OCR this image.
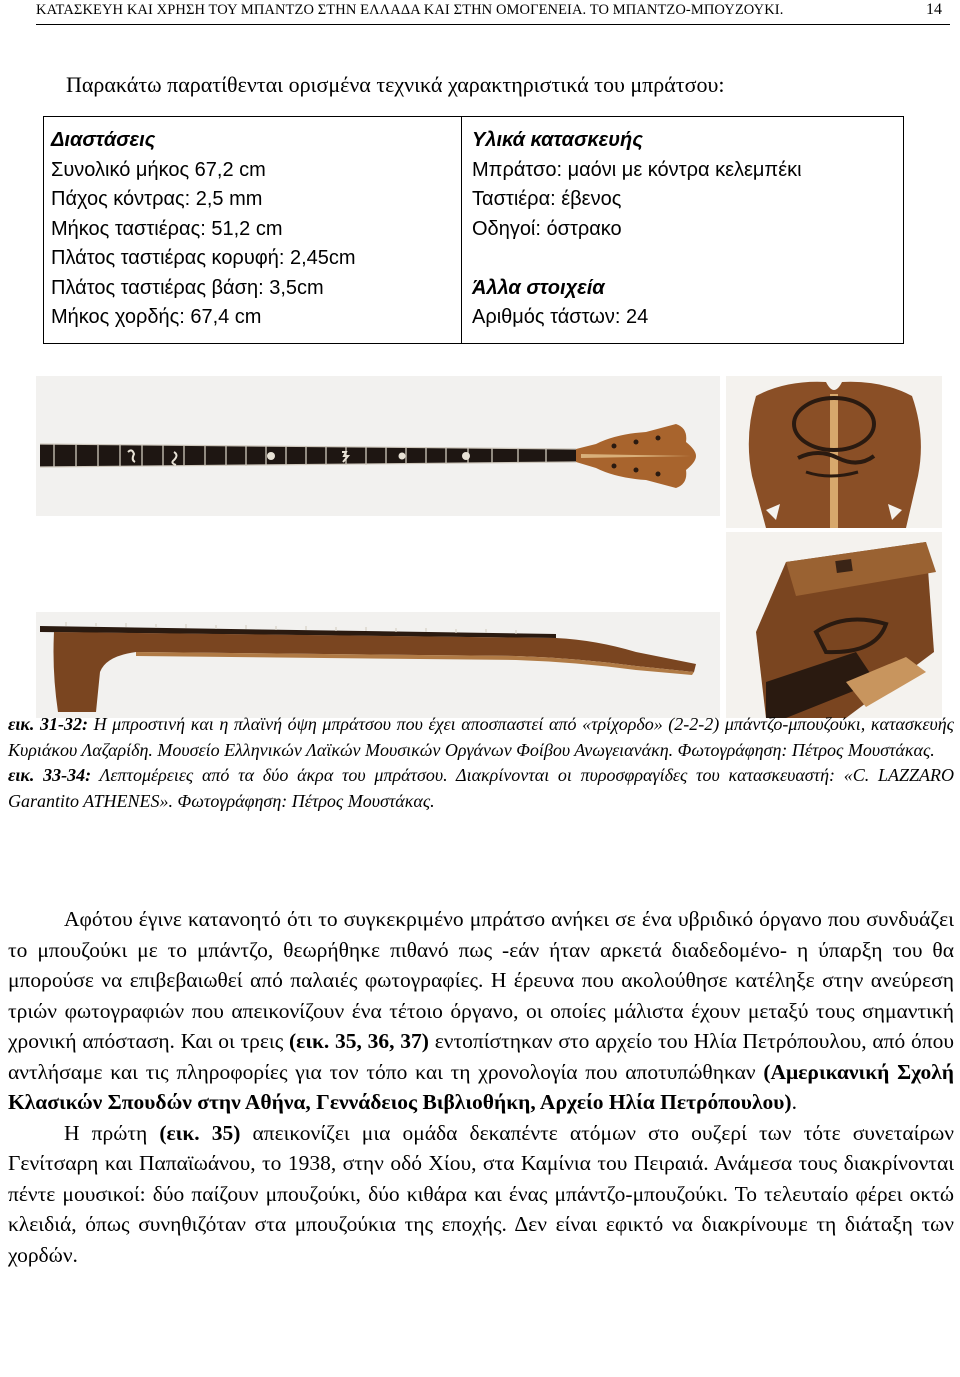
ΚΑΤΑΣΚΕΥΗ ΚΑΙ ΧΡΗΣΗ ΤΟΥ ΜΠΑΝΤΖΟ ΣΤΗΝ ΕΛΛΑΔΑ ΚΑΙ ΣΤΗΝ ΟΜΟΓΕΝΕΙΑ. ΤΟ ΜΠΑΝΤΖΟ-ΜΠΟΥΖΟΥΚΙ.	14
Παρακάτω παρατίθενται ορισμένα τεχνικά χαρακτηριστικά του μπράτσου:
Διαστάσεις
Συνολικό μήκος 67,2 cm
Πάχος κόντρας: 2,5 mm
Μήκος ταστιέρας: 51,2 cm
Πλάτος ταστιέρας κορυφή: 2,45cm
Πλάτος ταστιέρας βάση: 3,5cm
Μήκος χορδής: 67,4 cm
Υλικά κατασκευής
Μπράτσο: μαόνι με κόντρα κελεμπέκι
Ταστιέρα: έβενος
Οδηγοί: όστρακο
Άλλα στοιχεία
Αριθμός τάστων: 24

εικ. 31-32: Η μπροστινή και η πλαϊνή όψη μπράτσου που έχει αποσπαστεί από «τρίχορδο» (2-2-2) μπάντζο-μπουζούκι, κατασκευής Κυριάκου Λαζαρίδη. Μουσείο Ελληνικών Λαϊκών Μουσικών Οργάνων Φοίβου Ανωγειανάκη. Φωτογράφηση: Πέτρος Μουστάκας.

εικ. 33-34: Λεπτομέρειες από τα δύο άκρα του μπράτσου. Διακρίνονται οι πυροσφραγίδες του κατασκευαστή: «C. LAZZARO Garantito ATHENES». Φωτογράφηση: Πέτρος Μουστάκας.

Αφότου έγινε κατανοητό ότι το συγκεκριμένο μπράτσο ανήκει σε ένα υβριδικό όργανο που συνδυάζει το μπουζούκι με το μπάντζο, θεωρήθηκε πιθανό πως -εάν ήταν αρκετά διαδεδομένο- η ύπαρξη του θα μπορούσε να επιβεβαιωθεί από παλαιές φωτογραφίες. Η έρευνα που ακολούθησε κατέληξε στην ανεύρεση τριών φωτογραφιών που απεικονίζουν ένα τέτοιο όργανο, οι οποίες μάλιστα έχουν μεταξύ τους σημαντική χρονική απόσταση. Και οι τρεις (εικ. 35, 36, 37) εντοπίστηκαν στο αρχείο του Ηλία Πετρόπουλου, από όπου αντλήσαμε και τις πληροφορίες για τον τόπο και τη χρονολογία που αποτυπώθηκαν (Αμερικανική Σχολή Κλασικών Σπουδών στην Αθήνα, Γεννάδειος Βιβλιοθήκη, Αρχείο Ηλία Πετρόπουλου).

Η πρώτη (εικ. 35) απεικονίζει μια ομάδα δεκαπέντε ατόμων στο ουζερί των τότε συνεταίρων Γενίτσαρη και Παπαϊωάνου, το 1938, στην οδό Χίου, στα Καμίνια του Πειραιά. Ανάμεσα τους διακρίνονται πέντε μουσικοί: δύο παίζουν μπουζούκι, δύο κιθάρα και ένας μπάντζο-μπουζούκι. Το τελευταίο φέρει οκτώ κλειδιά, όπως συνηθιζόταν στα μπουζούκια της εποχής. Δεν είναι εφικτό να διακρίνουμε τη διάταξη των χορδών.
